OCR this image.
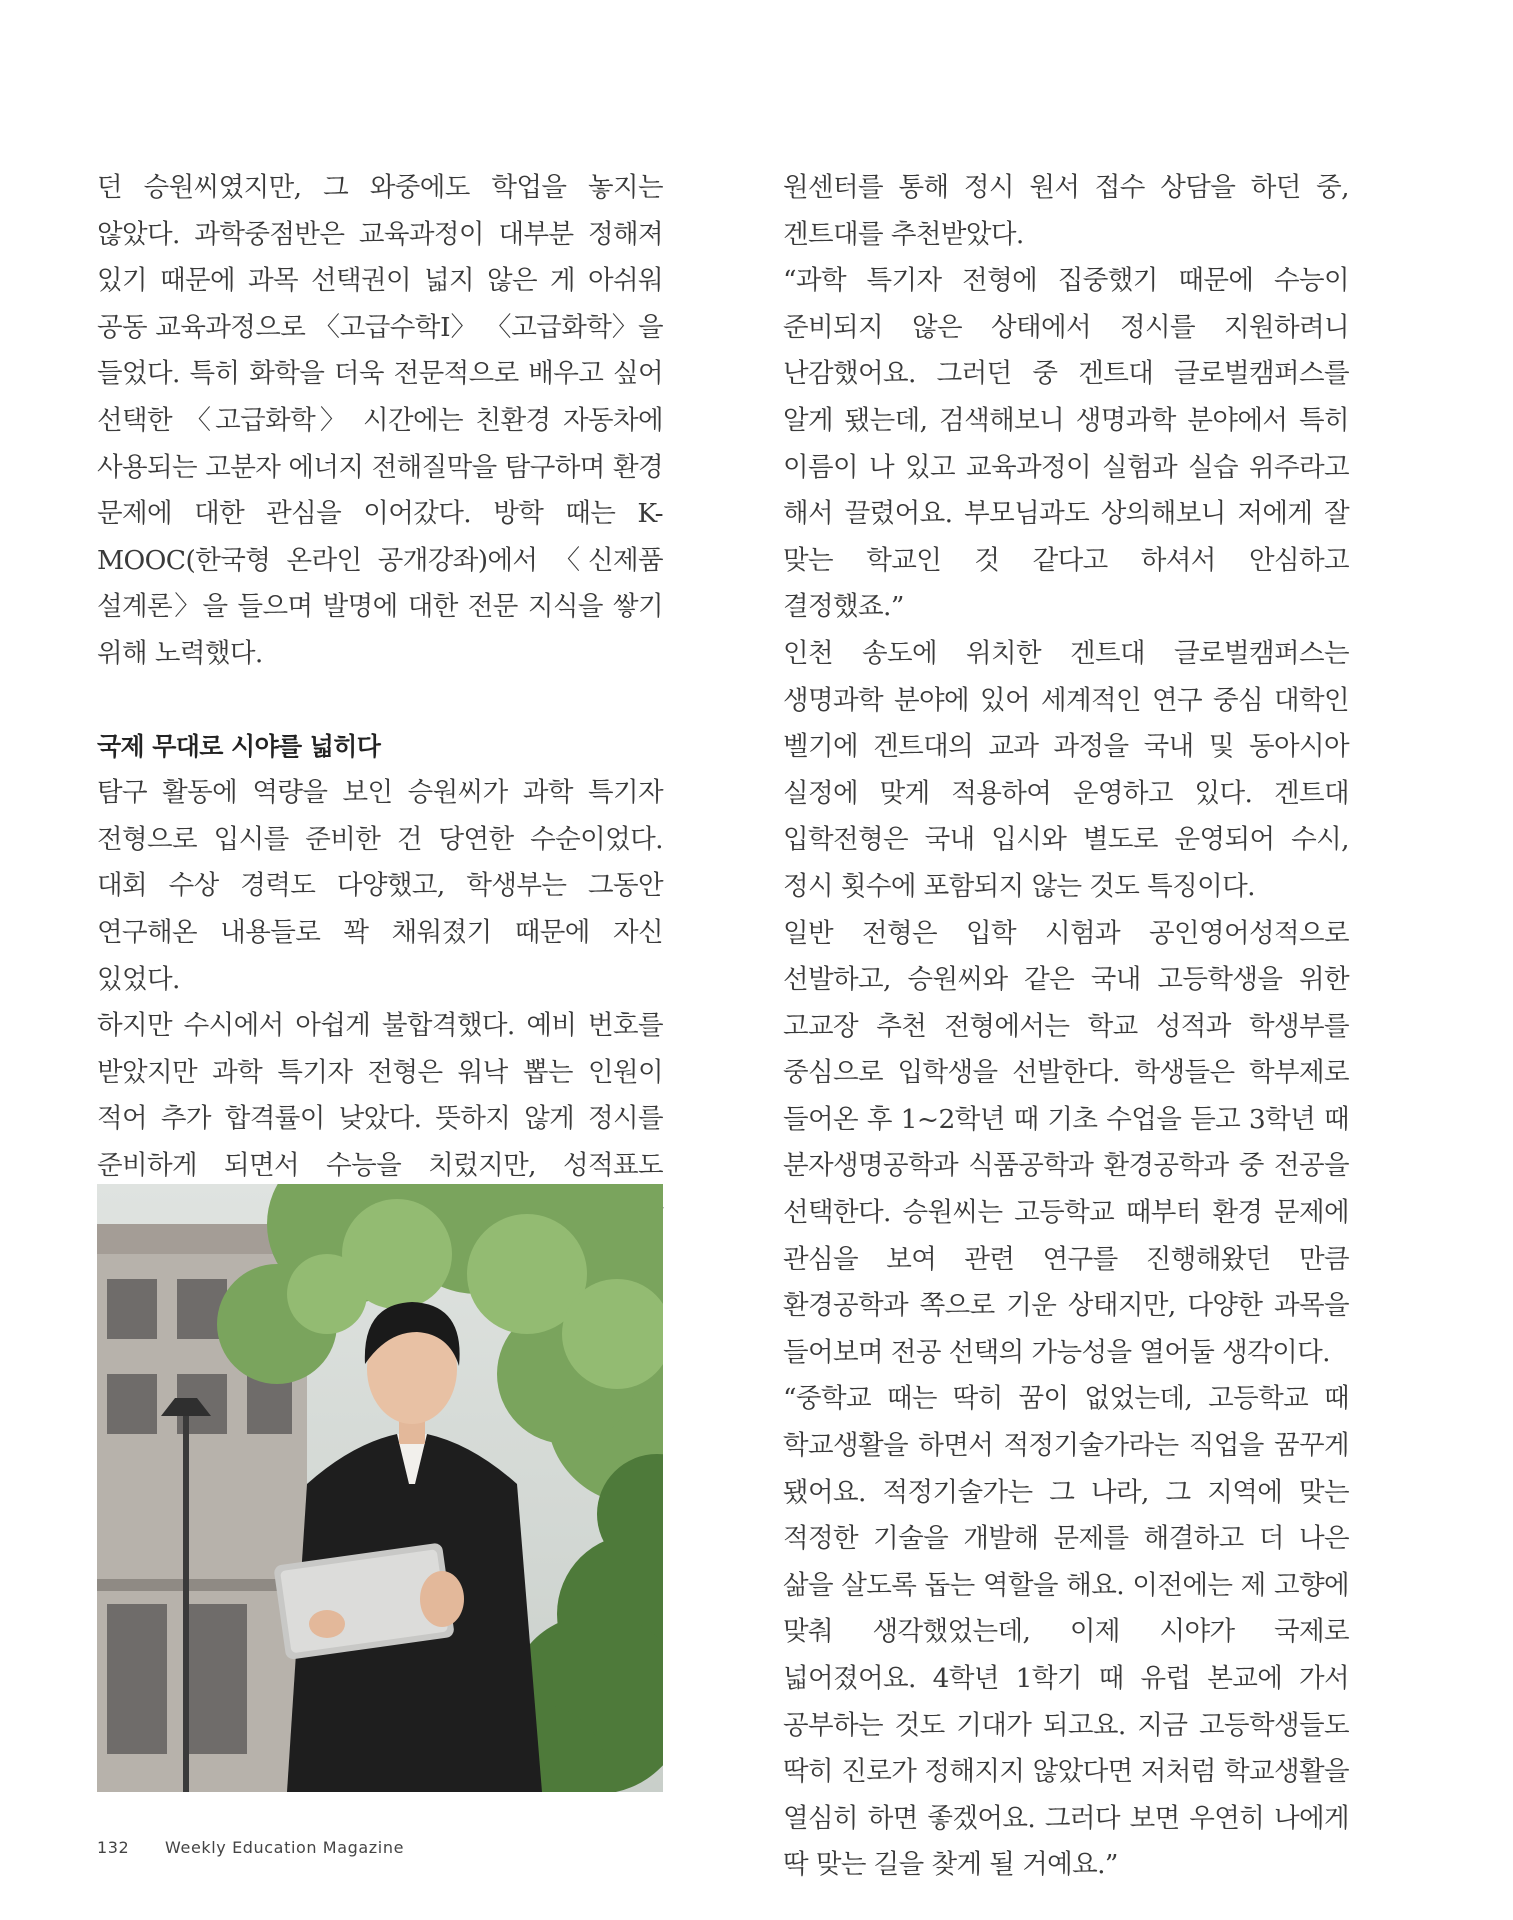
던 승원씨였지만, 그 와중에도 학업을 놓지는 않았다. 과학중점반은 교육과정이 대부분 정해져 있기 때문에 과목 선택권이 넓지 않은 게 아쉬워 공동 교육과정으로 〈고급수학Ⅰ〉 〈고급화학〉을 들었다. 특히 화학을 더욱 전문적으로 배우고 싶어 선택한 〈고급화학〉 시간에는 친환경 자동차에 사용되는 고분자 에너지 전해질막을 탐구하며 환경 문제에 대한 관심을 이어갔다. 방학 때는 K-MOOC(한국형 온라인 공개강좌)에서 〈신제품 설계론〉을 들으며 발명에 대한 전문 지식을 쌓기 위해 노력했다.

국제 무대로 시야를 넓히다

탐구 활동에 역량을 보인 승원씨가 과학 특기자 전형으로 입시를 준비한 건 당연한 수순이었다. 대회 수상 경력도 다양했고, 학생부는 그동안 연구해온 내용들로 꽉 채워졌기 때문에 자신 있었다.

하지만 수시에서 아쉽게 불합격했다. 예비 번호를 받았지만 과학 특기자 전형은 워낙 뽑는 인원이 적어 추가 합격률이 낮았다. 뜻하지 않게 정시를 준비하게 되면서 수능을 치렀지만, 성적표도

원센터를 통해 정시 원서 접수 상담을 하던 중, 겐트대를 추천받았다.

“과학 특기자 전형에 집중했기 때문에 수능이 준비되지 않은 상태에서 정시를 지원하려니 난감했어요. 그러던 중 겐트대 글로벌캠퍼스를 알게 됐는데, 검색해보니 생명과학 분야에서 특히 이름이 나 있고 교육과정이 실험과 실습 위주라고 해서 끌렸어요. 부모님과도 상의해보니 저에게 잘 맞는 학교인 것 같다고 하셔서 안심하고 결정했죠.”

인천 송도에 위치한 겐트대 글로벌캠퍼스는 생명과학 분야에 있어 세계적인 연구 중심 대학인 벨기에 겐트대의 교과 과정을 국내 및 동아시아 실정에 맞게 적용하여 운영하고 있다. 겐트대 입학전형은 국내 입시와 별도로 운영되어 수시, 정시 횟수에 포함되지 않는 것도 특징이다.

일반 전형은 입학 시험과 공인영어성적으로 선발하고, 승원씨와 같은 국내 고등학생을 위한 고교장 추천 전형에서는 학교 성적과 학생부를 중심으로 입학생을 선발한다. 학생들은 학부제로 들어온 후 1~2학년 때 기초 수업을 듣고 3학년 때 분자생명공학과 식품공학과 환경공학과 중 전공을 선택한다. 승원씨는 고등학교 때부터 환경 문제에 관심을 보여 관련 연구를 진행해왔던 만큼 환경공학과 쪽으로 기운 상태지만, 다양한 과목을 들어보며 전공 선택의 가능성을 열어둘 생각이다.

“중학교 때는 딱히 꿈이 없었는데, 고등학교 때 학교생활을 하면서 적정기술가라는 직업을 꿈꾸게 됐어요. 적정기술가는 그 나라, 그 지역에 맞는 적정한 기술을 개발해 문제를 해결하고 더 나은 삶을 살도록 돕는 역할을 해요. 이전에는 제 고향에 맞춰 생각했었는데, 이제 시야가 국제로 넓어졌어요. 4학년 1학기 때 유럽 본교에 가서 공부하는 것도 기대가 되고요. 지금 고등학생들도 딱히 진로가 정해지지 않았다면 저처럼 학교생활을 열심히 하면 좋겠어요. 그러다 보면 우연히 나에게 딱 맞는 길을 찾게 될 거예요.”

132 Weekly Education Magazine
